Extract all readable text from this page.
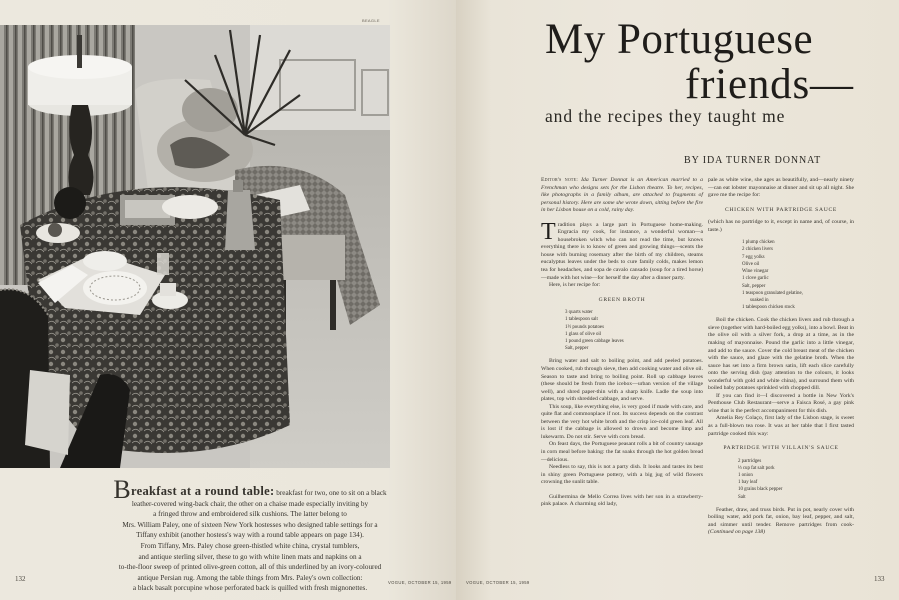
BEAGLE
Breakfast at a round table: breakfast for two, one to sit on a black
leather-covered wing-back chair, the other on a chaise made especially inviting by
a fringed throw and embroidered silk cushions. The latter belong to
Mrs. William Paley, one of sixteen New York hostesses who designed table settings for a
Tiffany exhibit (another hostess's way with a round table appears on page 134).
From Tiffany, Mrs. Paley chose green-thistled white china, crystal tumblers,
and antique sterling silver, these to go with white linen mats and napkins on a
to-the-floor sweep of printed olive-green cotton, all of this underlined by an ivory-coloured
antique Persian rug. Among the table things from Mrs. Paley's own collection:
a black basalt porcupine whose perforated back is quilled with fresh mignonettes.
132	VOGUE, OCTOBER 15, 1959
My Portuguese
friends—
and the recipes they taught me
BY IDA TURNER DONNAT

Editor's note: Ida Turner Donnat is an American married to a Frenchman who designs sets for the Lisbon theatre. To her, recipes, like photographs in a family album, are attached to fragments of personal history. Here are some she wrote down, sitting before the fire in her Lisbon house on a cold, rainy day.

Tradition plays a large part in Portuguese home-making. Engracia my cook, for instance, a wonderful woman—a housebroken witch who can not read the time, but knows everything there is to know of green and growing things—scents the house with burning rosemary after the birth of my children, steams eucalyptus leaves under the beds to cure family colds, makes lemon tea for headaches, and sopa de cavalo cansado (soup for a tired horse)—made with hot wine—for herself the day after a dinner party.

Here, is her recipe for:

GREEN BROTH
3 quarts water
1 tablespoon salt
1½ pounds potatoes
1 glass of olive oil
1 pound green cabbage leaves
Salt, pepper

Bring water and salt to boiling point, and add peeled potatoes. When cooked, rub through sieve, then add cooking water and olive oil. Season to taste and bring to boiling point. Roll up cabbage leaves (these should be fresh from the icebox—urban version of the village well), and shred paper-thin with a sharp knife. Ladle the soup into plates, top with shredded cabbage, and serve.

This soup, like everything else, is very good if made with care, and quite flat and commonplace if not. Its success depends on the contrast between the very hot white broth and the crisp ice-cold green leaf. All is lost if the cabbage is allowed to drown and become limp and lukewarm. Do not stir. Serve with corn bread.

On feast days, the Portuguese peasant rolls a bit of country sausage in corn meal before baking: the fat soaks through the hot golden bread—delicious.

Needless to say, this is not a party dish. It looks and tastes its best in shiny green Portuguese pottery, with a big jug of wild flowers crowning the sunlit table.

Guilhermina de Mello Correa lives with her son in a strawberry-pink palace. A charming old lady,

pale as white wine, she ages as beautifully, and—nearly ninety—can eat lobster mayonnaise at dinner and sit up all night. She gave me the recipe for:

CHICKEN WITH PARTRIDGE SAUCE

(which has no partridge to it, except in name and, of course, in taste.)

1 plump chicken
2 chicken livers
7 egg yolks
Olive oil
Wine vinegar
1 clove garlic
Salt, pepper
1 teaspoon granulated gelatine,
soaked in
1 tablespoon chicken stock

Boil the chicken. Cook the chicken livers and rub through a sieve (together with hard-boiled egg yolks), into a bowl. Beat in the olive oil with a silver fork, a drop at a time, as in the making of mayonnaise. Pound the garlic into a little vinegar, and add to the sauce. Cover the cold breast meat of the chicken with the sauce, and glaze with the gelatine broth. When the sauce has set into a firm brown satin, lift each slice carefully onto the serving dish (pay attention to the colours, it looks wonderful with gold and white china), and surround them with boiled baby potatoes sprinkled with chopped dill.

If you can find it—I discovered a bottle in New York's Penthouse Club Restaurant—serve a Faisca Rosé, a gay pink wine that is the perfect accompaniment for this dish.

Amelia Rey Colaço, first lady of the Lisbon stage, is sweet as a full-blown tea rose. It was at her table that I first tasted partridge cooked this way:

PARTRIDGE WITH VILLAIN'S SAUCE
2 partridges
⅓ cup fat salt pork
1 onion
1 bay leaf
10 grains black pepper
Salt

Feather, draw, and truss birds. Put in pot, nearly cover with boiling water, add pork fat, onion, bay leaf, pepper, and salt, and simmer until tender. Remove partridges from cook- (Continued on page 138)

VOGUE, OCTOBER 15, 1959	133
